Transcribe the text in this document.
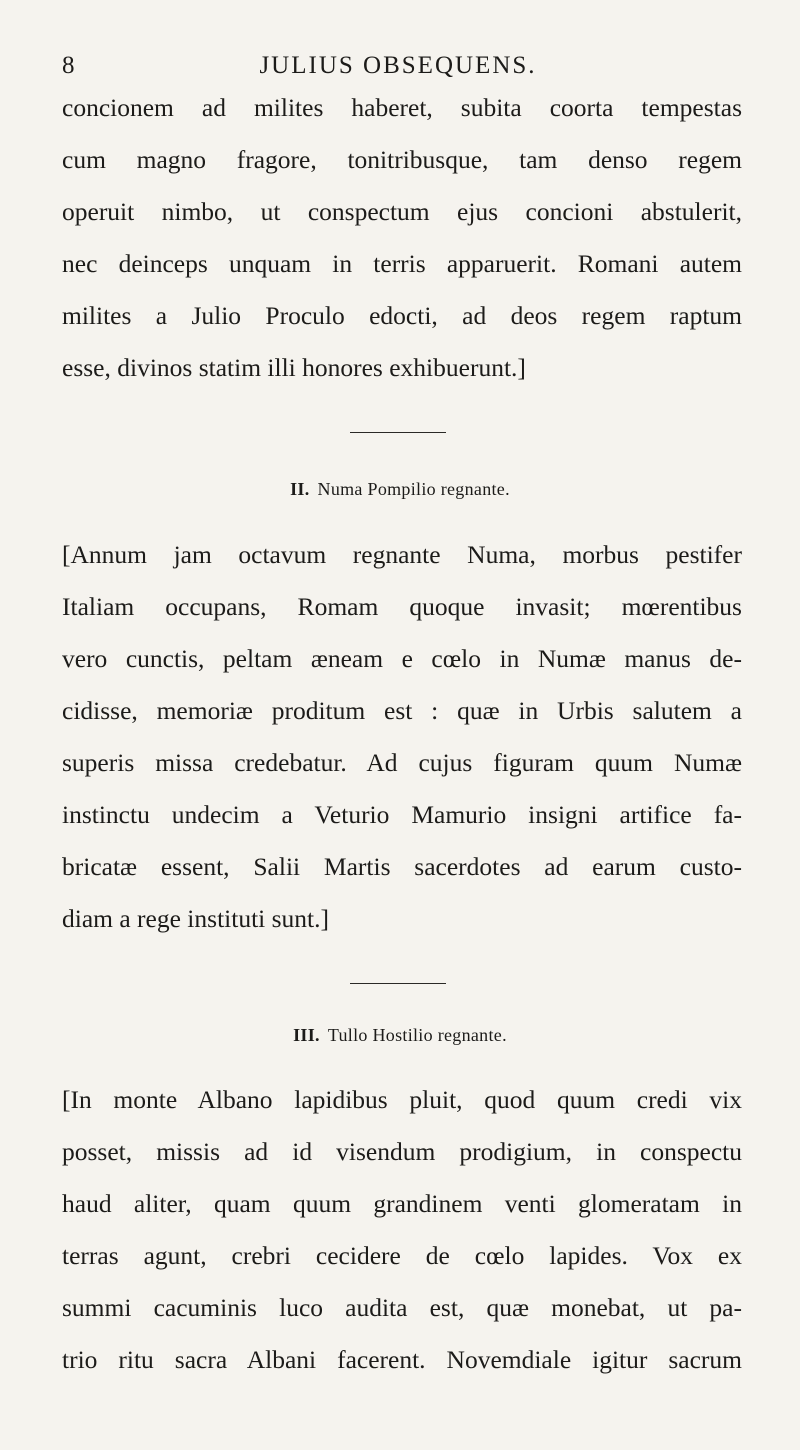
8	JULIUS OBSEQUENS.
concionem ad milites haberet, subita coorta tempestas
cum magno fragore, tonitribusque, tam denso regem
operuit nimbo, ut conspectum ejus concioni abstulerit,
nec deinceps unquam in terris apparuerit. Romani autem
milites a Julio Proculo edocti, ad deos regem raptum
esse, divinos statim illi honores exhibuerunt.]
II. Numa Pompilio regnante.
[Annum jam octavum regnante Numa, morbus pestifer
Italiam occupans, Romam quoque invasit; mœrentibus
vero cunctis, peltam æneam e cœlo in Numæ manus de-
cidisse, memoriæ proditum est : quæ in Urbis salutem a
superis missa credebatur. Ad cujus figuram quum Numæ
instinctu undecim a Veturio Mamurio insigni artifice fa-
bricatæ essent, Salii Martis sacerdotes ad earum custo-
diam a rege instituti sunt.]
III. Tullo Hostilio regnante.
[In monte Albano lapidibus pluit, quod quum credi vix
posset, missis ad id visendum prodigium, in conspectu
haud aliter, quam quum grandinem venti glomeratam in
terras agunt, crebri cecidere de cœlo lapides. Vox ex
summi cacuminis luco audita est, quæ monebat, ut pa-
trio ritu sacra Albani facerent. Novemdiale igitur sacrum
